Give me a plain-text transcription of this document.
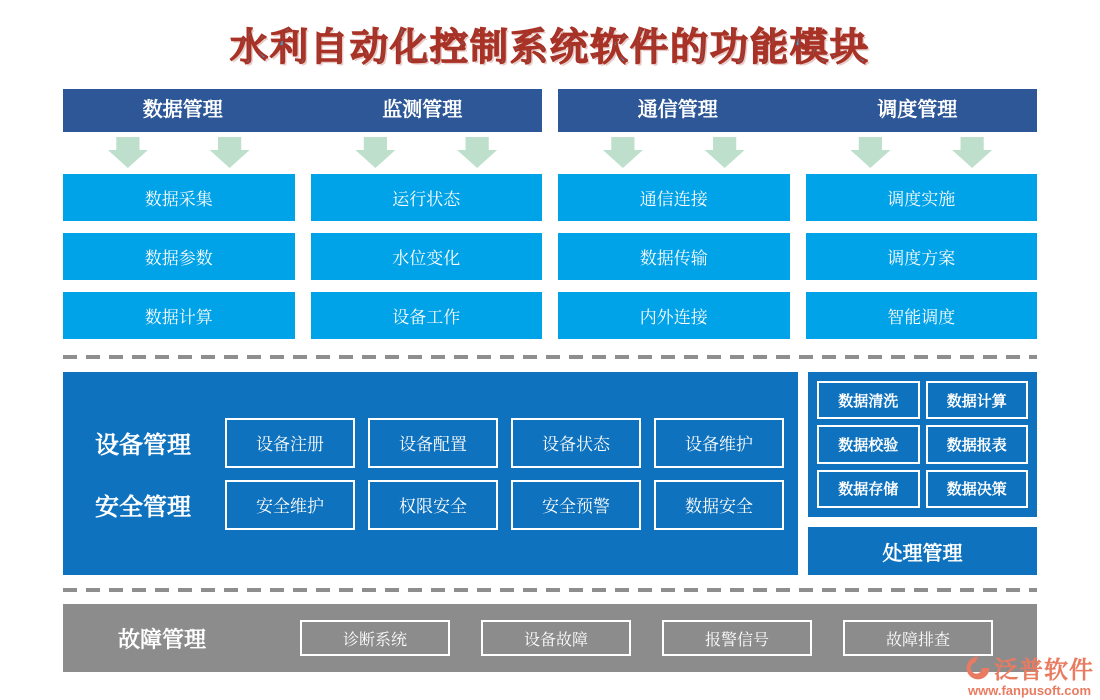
水利自动化控制系统软件的功能模块
数据管理	监测管理	通信管理	调度管理
数据采集	运行状态	通信连接	调度实施
数据参数	水位变化	数据传输	调度方案
数据计算	设备工作	内外连接	智能调度
设备管理	设备注册	设备配置	设备状态	设备维护
安全管理	安全维护	权限安全	安全预警	数据安全
数据清洗	数据计算
数据校验	数据报表
数据存储	数据决策
处理管理
故障管理	诊断系统	设备故障	报警信号	故障排查
泛普软件
www.fanpusoft.com
